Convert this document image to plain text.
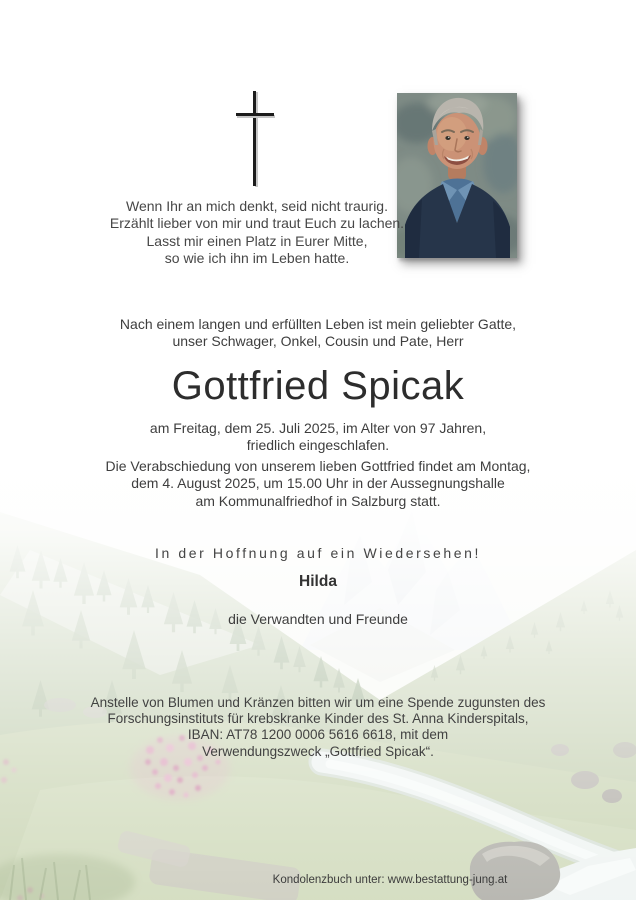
Wenn Ihr an mich denkt, seid nicht traurig.
Erzählt lieber von mir und traut Euch zu lachen.
Lasst mir einen Platz in Eurer Mitte,
so wie ich ihn im Leben hatte.
Nach einem langen und erfüllten Leben ist mein geliebter Gatte,
unser Schwager, Onkel, Cousin und Pate, Herr
Gottfried Spicak
am Freitag, dem 25. Juli 2025, im Alter von 97 Jahren,
friedlich eingeschlafen.
Die Verabschiedung von unserem lieben Gottfried findet am Montag,
dem 4. August 2025, um 15.00 Uhr in der Aussegnungshalle
am Kommunalfriedhof in Salzburg statt.
In der Hoffnung auf ein Wiedersehen!
Hilda
die Verwandten und Freunde
Anstelle von Blumen und Kränzen bitten wir um eine Spende zugunsten des
Forschungsinstituts für krebskranke Kinder des St. Anna Kinderspitals,
IBAN: AT78 1200 0006 5616 6618, mit dem
Verwendungszweck „Gottfried Spicak“.
Kondolenzbuch unter: www.bestattung-jung.at
